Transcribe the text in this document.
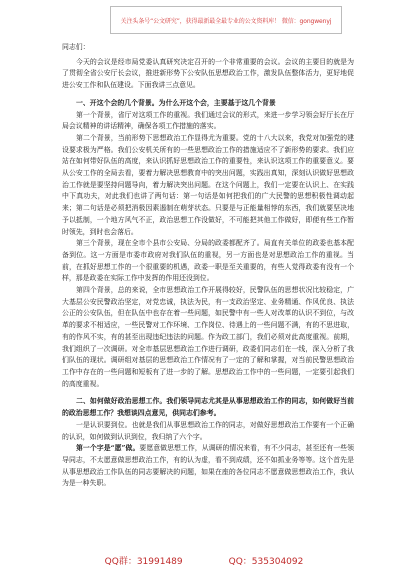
关注头条号“公文研究”，获得最新最全最专业的公文资料库！ 微信：gongwenyj

同志们：

今天的会议是经市局党委认真研究决定召开的一个非常重要的会议。会议的主要目的就是为了贯彻全省公安厅长会议，推进新形势下公安队伍思想政治工作，激发队伍整体活力，更好地促进公安工作和队伍建设。下面我讲三点意见。

一、开这个会的几个背景。为什么开这个会，主要基于这几个背景

第一个背景，省厅对这项工作的重视。我们通过会议的形式，来进一步学习领会好厅长在厅局会议精神的讲话精神，确保各项工作措施的落实。

第二个背景，当前形势下思想政治工作显得尤为重要。党的十八大以来，我党对加强党的建设要求极为严格。我们公安机关所有的一些思想政治工作的措施适应不了新形势的要求。我们应站在如何带好队伍的高度，来认识抓好思想政治工作的重要性，来认识这项工作的重要意义。要从公安工作的全局去看，要着力解决思想教育中的突出问题，实践出真知，深刻认识做好思想政治工作就是要坚持问题导向，着力解决突出问题。在这个问题上，我们一定要在认识上、在实践中下真功夫，对此我们也讲了两句话：第一句话是如何把我们的广大民警的思想积极性调动起来；第二句话是必须把消极因素遏制在萌芽状态。只要是与正能量相悖的东西，我们就要坚决地予以抵制，一个地方风气不正，政治思想工作没做好，不可能把其他工作做好，即便有些工作暂时领先，到时也会落后。

第三个背景，现在全市个县市公安局、分局的政委都配齐了。局直有关单位的政委也基本配备到位。这一方面是市委市政府对我们队伍的重视，另一方面也是对思想政治工作的重视。当前，在抓好思想工作的一个很重要的机遇，政委一职是至关重要的，有些人觉得政委有没有一个样，那是政委在实际工作中发挥的作用还没到位。

第四个背景，总的来说，全市思想政治工作开展得较好，民警队伍的思想状况比较稳定，广大基层公安民警政治坚定，对党忠诚，执法为民，有一支政治坚定、业务精通、作风优良、执法公正的公安队伍，但在队伍中也存在着一些问题，如民警中有一些人对改革的认识不到位，与改革的要求不相适应，一些民警对工作环境、工作岗位、待遇上的一些问题不满，有的不思进取，有的作风不实，有的甚至出现违纪违法的问题。作为政工部门，我们必须对此高度重视。前期，我们组织了一次调研。对全市基层思想政治工作进行调研，政委们同志们在一线，深入分析了我们队伍的现状。调研组对基层的思想政治工作情况有了一定的了解和掌握，对当前民警思想政治工作中存在的一些问题和短板有了进一步的了解。思想政治工作中的一些问题，一定要引起我们的高度重视。

二、如何做好政治思想工作。我们领导同志尤其是从事思想政治工作的同志，如何做好当前的政治思想工作？我想谈四点意见，供同志们参考。

一是认识要到位。也就是我们从事思想政治工作的同志，对做好思想政治工作要有一个正确的认识，如何做到认识到位，我归纳了六个字。

第一个字是“愿”做。要愿意做思想工作，从调研的情况来看，有不少同志，甚至还有一些领导同志，不太愿意做思想政治工作，有的认为虚，看不到成绩，还不如抓业务等等。这个首先是从事思想政治工作队伍的同志要解决的问题，如果在座的各位同志不愿意做思想政治工作，我认为是一种失职。

QQ群：31991489	QQ：535304092
